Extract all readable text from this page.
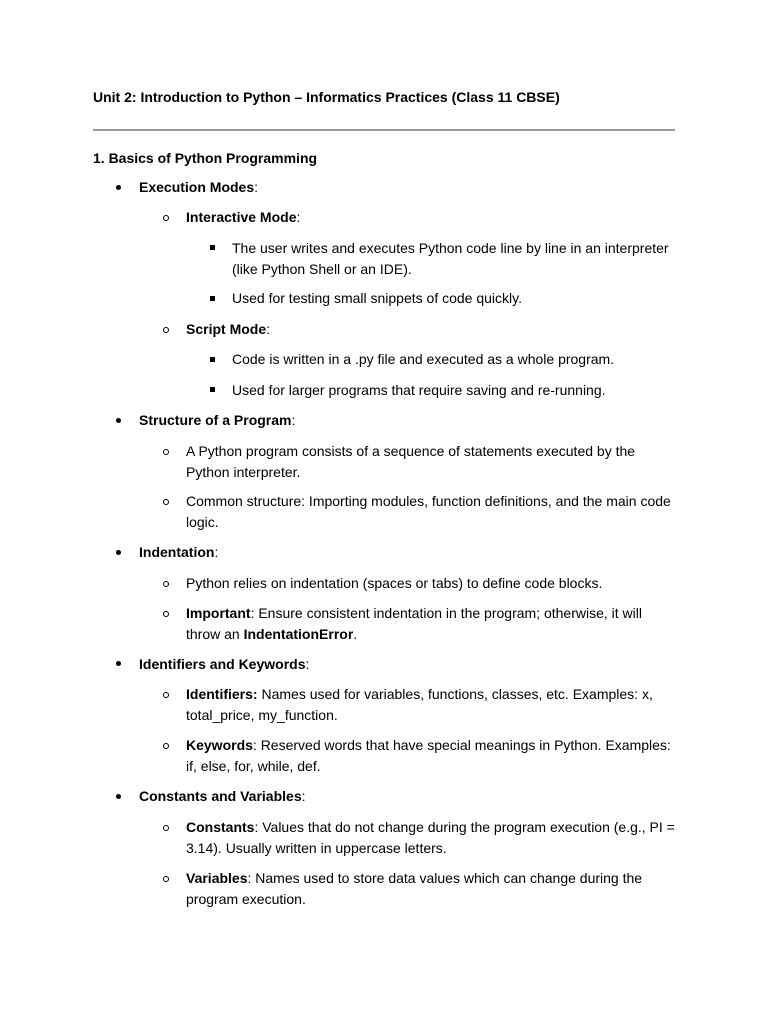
Unit 2: Introduction to Python – Informatics Practices (Class 11 CBSE)
1. Basics of Python Programming
Execution Modes:
Interactive Mode:
The user writes and executes Python code line by line in an interpreter (like Python Shell or an IDE).
Used for testing small snippets of code quickly.
Script Mode:
Code is written in a .py file and executed as a whole program.
Used for larger programs that require saving and re-running.
Structure of a Program:
A Python program consists of a sequence of statements executed by the Python interpreter.
Common structure: Importing modules, function definitions, and the main code logic.
Indentation:
Python relies on indentation (spaces or tabs) to define code blocks.
Important: Ensure consistent indentation in the program; otherwise, it will throw an IndentationError.
Identifiers and Keywords:
Identifiers: Names used for variables, functions, classes, etc. Examples: x, total_price, my_function.
Keywords: Reserved words that have special meanings in Python. Examples: if, else, for, while, def.
Constants and Variables:
Constants: Values that do not change during the program execution (e.g., PI = 3.14). Usually written in uppercase letters.
Variables: Names used to store data values which can change during the program execution.
